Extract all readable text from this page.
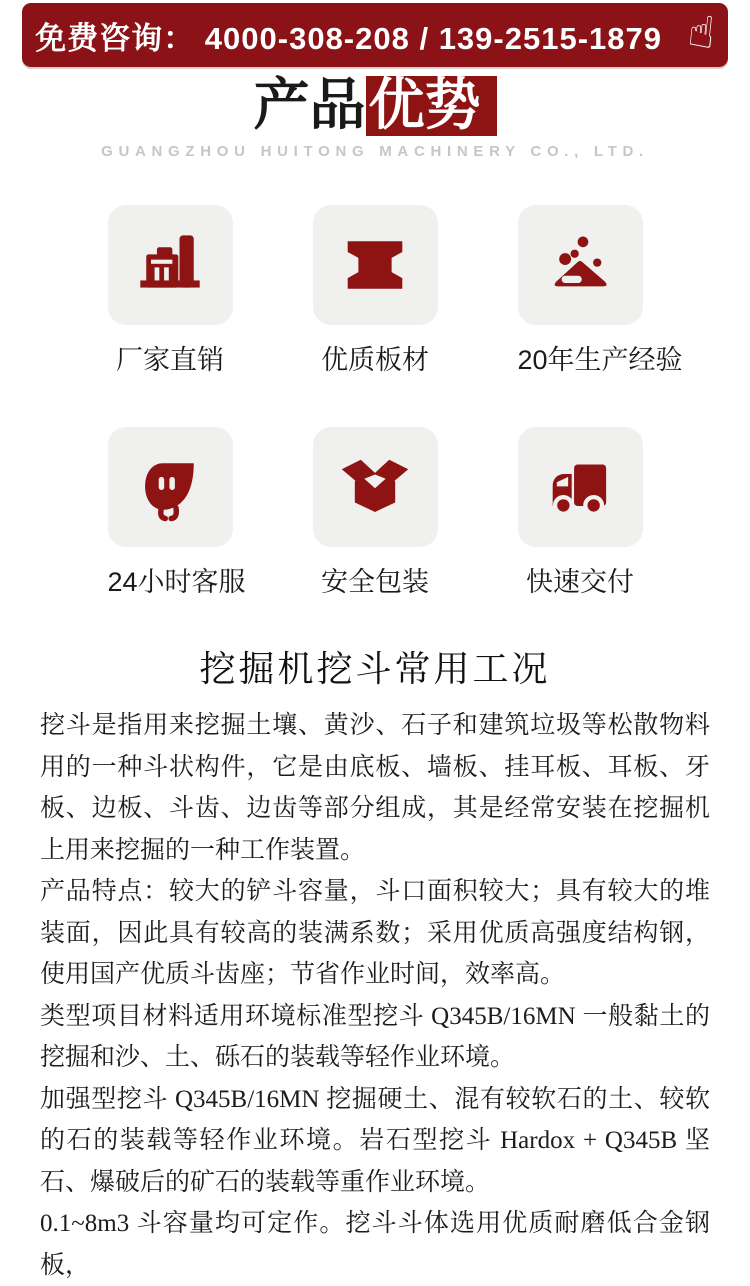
免费咨询： 4000-308-208 / 139-2515-1879 ☝
产品优势
GUANGZHOU HUITONG MACHINERY CO., LTD.
厂家直销	优质板材	20年生产经验
24小时客服	安全包装	快速交付
挖掘机挖斗常用工况

挖斗是指用来挖掘土壤、黄沙、石子和建筑垃圾等松散物料用的一种斗状构件，它是由底板、墙板、挂耳板、耳板、牙板、边板、斗齿、边齿等部分组成，其是经常安装在挖掘机上用来挖掘的一种工作装置。

产品特点：较大的铲斗容量，斗口面积较大；具有较大的堆装面，因此具有较高的装满系数；采用优质高强度结构钢，使用国产优质斗齿座；节省作业时间，效率高。

类型项目材料适用环境标准型挖斗 Q345B/16MN 一般黏土的挖掘和沙、土、砾石的装载等轻作业环境。

加强型挖斗 Q345B/16MN 挖掘硬土、混有较软石的土、较软的石的装载等轻作业环境。岩石型挖斗 Hardox + Q345B 坚石、爆破后的矿石的装载等重作业环境。

0.1~8m3 斗容量均可定作。挖斗斗体选用优质耐磨低合金钢板，
